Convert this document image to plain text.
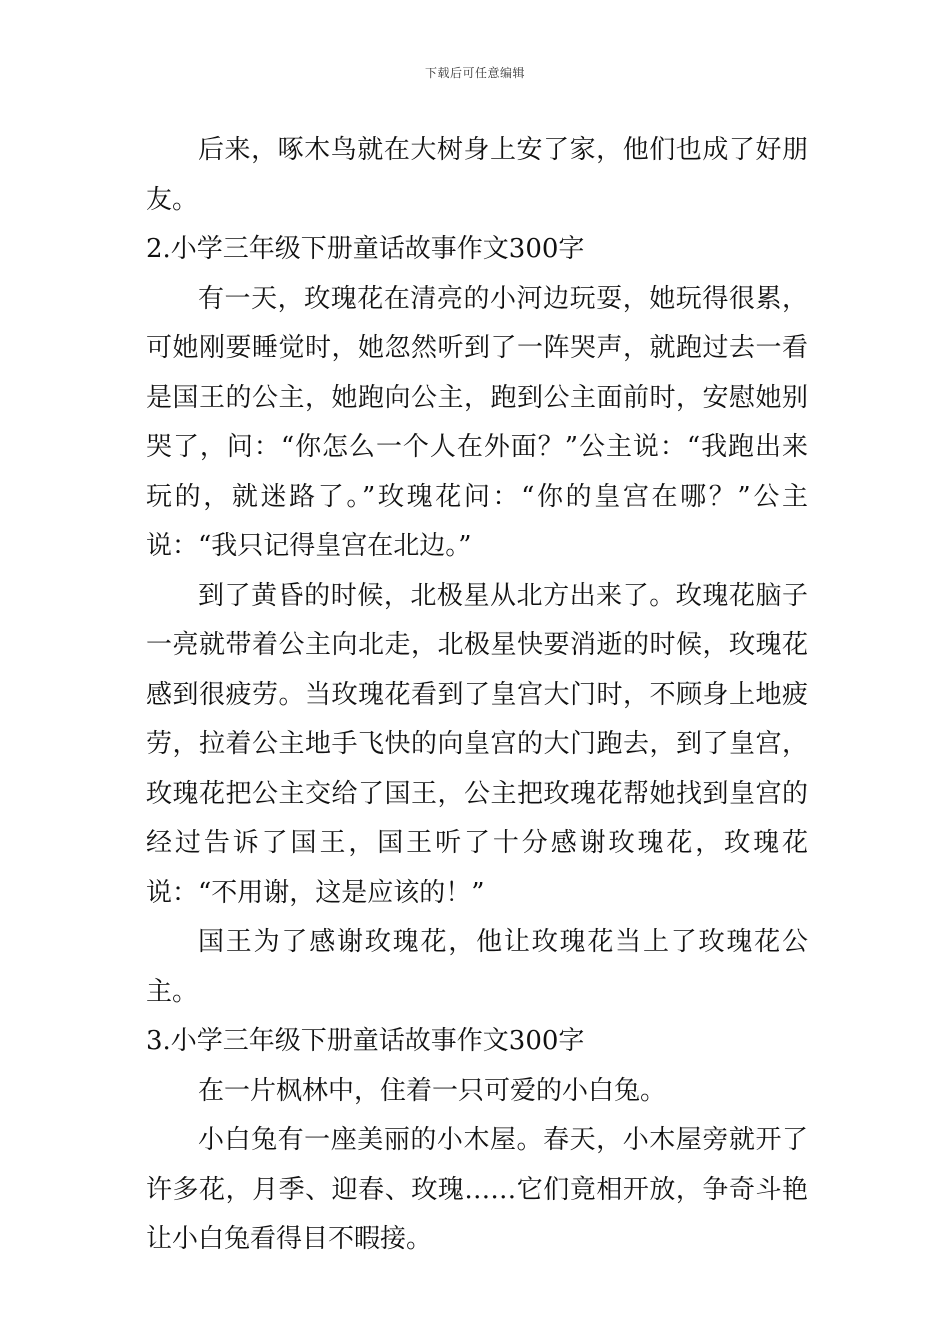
下载后可任意编辑

后来，啄木鸟就在大树身上安了家，他们也成了好朋友。

2.小学三年级下册童话故事作文300字

有一天，玫瑰花在清亮的小河边玩耍，她玩得很累，可她刚要睡觉时，她忽然听到了一阵哭声，就跑过去一看是国王的公主，她跑向公主，跑到公主面前时，安慰她别哭了，问：“你怎么一个人在外面？”公主说：“我跑出来玩的，就迷路了。”玫瑰花问：“你的皇宫在哪？”公主说：“我只记得皇宫在北边。”

到了黄昏的时候，北极星从北方出来了。玫瑰花脑子一亮就带着公主向北走，北极星快要消逝的时候，玫瑰花感到很疲劳。当玫瑰花看到了皇宫大门时，不顾身上地疲劳，拉着公主地手飞快的向皇宫的大门跑去，到了皇宫，玫瑰花把公主交给了国王，公主把玫瑰花帮她找到皇宫的经过告诉了国王，国王听了十分感谢玫瑰花，玫瑰花说：“不用谢，这是应该的！”

国王为了感谢玫瑰花，他让玫瑰花当上了玫瑰花公主。

3.小学三年级下册童话故事作文300字

在一片枫林中，住着一只可爱的小白兔。

小白兔有一座美丽的小木屋。春天，小木屋旁就开了许多花，月季、迎春、玫瑰……它们竟相开放，争奇斗艳让小白兔看得目不暇接。
